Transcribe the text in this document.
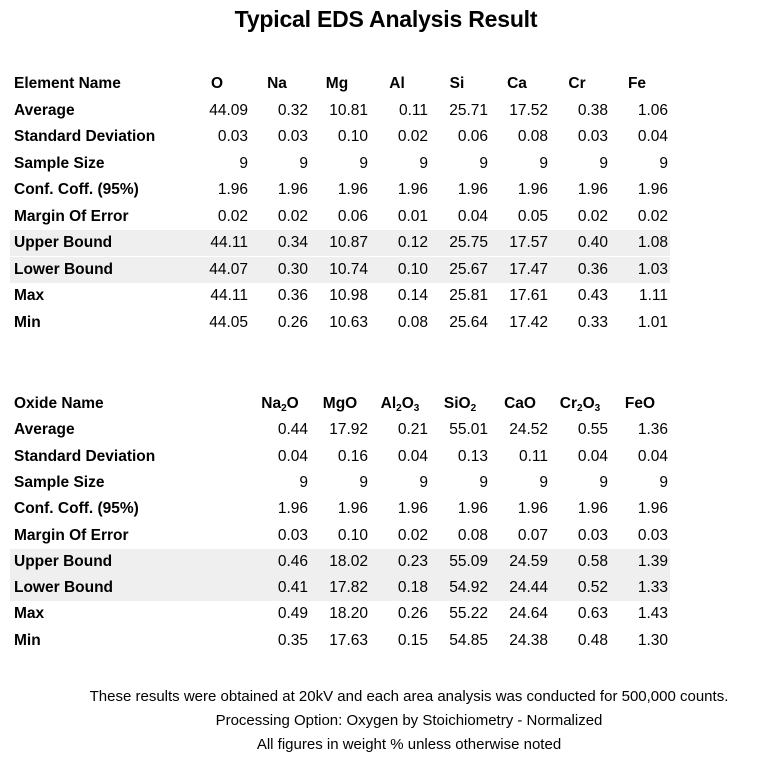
Typical EDS Analysis Result
Element Name	O	Na	Mg	Al	Si	Ca	Cr	Fe
Average	44.09	0.32	10.81	0.11	25.71	17.52	0.38	1.06
Standard Deviation	0.03	0.03	0.10	0.02	0.06	0.08	0.03	0.04
Sample Size	9	9	9	9	9	9	9	9
Conf. Coff. (95%)	1.96	1.96	1.96	1.96	1.96	1.96	1.96	1.96
Margin Of Error	0.02	0.02	0.06	0.01	0.04	0.05	0.02	0.02
Upper Bound	44.11	0.34	10.87	0.12	25.75	17.57	0.40	1.08
Lower Bound	44.07	0.30	10.74	0.10	25.67	17.47	0.36	1.03
Max	44.11	0.36	10.98	0.14	25.81	17.61	0.43	1.11
Min	44.05	0.26	10.63	0.08	25.64	17.42	0.33	1.01
Oxide Name	$Na_2O$	MgO	$Al_2O_3$	SiO$_2$	CaO	$Cr_2O_3$	FeO
Average	0.44	17.92	0.21	55.01	24.52	0.55	1.36
Standard Deviation	0.04	0.16	0.04	0.13	0.11	0.04	0.04
Sample Size	9	9	9	9	9	9	9
Conf. Coff. (95%)	1.96	1.96	1.96	1.96	1.96	1.96	1.96
Margin Of Error	0.03	0.10	0.02	0.08	0.07	0.03	0.03
Upper Bound	0.46	18.02	0.23	55.09	24.59	0.58	1.39
Lower Bound	0.41	17.82	0.18	54.92	24.44	0.52	1.33
Max	0.49	18.20	0.26	55.22	24.64	0.63	1.43
Min	0.35	17.63	0.15	54.85	24.38	0.48	1.30
These results were obtained at 20kV and each area analysis was conducted for 500,000 counts.
Processing Option: Oxygen by Stoichiometry - Normalized
All figures in weight % unless otherwise noted
